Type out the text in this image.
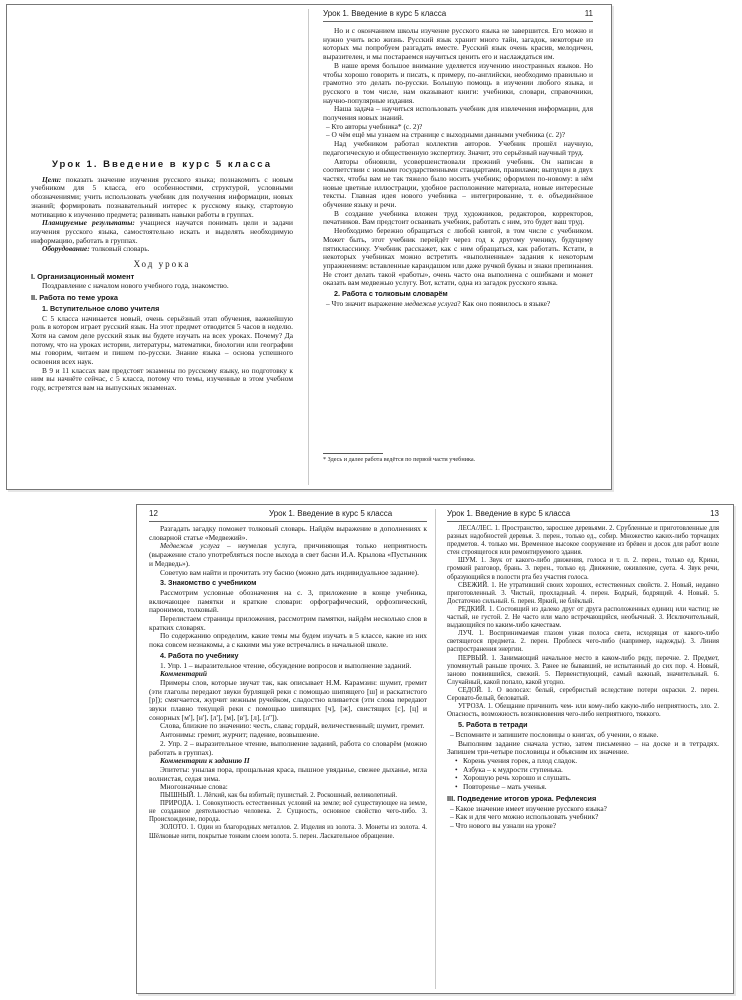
Урок 1. Введение в курс 5 класса

Цели: показать значение изучения русского языка; познакомить с новым учебником для 5 класса, его особенностями, структурой, условными обозначениями; учить использовать учебник для получения информации, новых знаний; формировать познавательный интерес к русскому языку, стартовую мотивацию к изучению предмета; развивать навыки работы в группах.

Планируемые результаты: учащиеся научатся понимать цели и задачи изучения русского языка, самостоятельно искать и выделять необходимую информацию, работать в группах.

Оборудование: толковый словарь.

Ход урока
I. Организационный момент

Поздравление с началом нового учебного года, знакомство.

II. Работа по теме урока
1. Вступительное слово учителя

С 5 класса начинается новый, очень серьёзный этап обучения, важнейшую роль в котором играет русский язык. На этот предмет отводится 5 часов в неделю. Хотя на самом деле русский язык вы будете изучать на всех уроках. Почему? Да потому, что на уроках истории, литературы, математики, биологии или географии мы говорим, читаем и пишем по-русски. Знание языка – основа успешного освоения всех наук.

В 9 и 11 классах вам предстоят экзамены по русскому языку, но подготовку к ним вы начнёте сейчас, с 5 класса, потому что темы, изученные в этом учебном году, встретятся вам на выпускных экзаменах.

Урок 1. Введение в курс 5 класса	11

Но и с окончанием школы изучение русского языка не завершится. Его можно и нужно учить всю жизнь. Русский язык хранит много тайн, загадок, некоторые из которых мы попробуем разгадать вместе. Русский язык очень красив, мелодичен, выразителен, и мы постараемся научиться ценить его и наслаждаться им.

В наше время большое внимание уделяется изучению иностранных языков. Но чтобы хорошо говорить и писать, к примеру, по-английски, необходимо правильно и грамотно это делать по-русски. Большую помощь в изучении любого языка, и русского в том числе, нам оказывают книги: учебники, словари, справочники, научно-популярные издания.

Наша задача – научиться использовать учебник для извлечения информации, для получения новых знаний.

– Кто авторы учебника* (с. 2)?

– О чём ещё мы узнаем на странице с выходными данными учебника (с. 2)?

Над учебником работал коллектив авторов. Учебник прошёл научную, педагогическую и общественную экспертизу. Значит, это серьёзный научный труд.

Авторы обновили, усовершенствовали прежний учебник. Он написан в соответствии с новыми государственными стандартами, правилами; выпущен в двух частях, чтобы вам не так тяжело было носить учебник; оформлен по-новому: в нём новые цветные иллюстрации, удобное расположение материала, новые интересные тексты. Главная идея нового учебника – интегрирование, т. е. объединённое обучение языку и речи.

В создание учебника вложен труд художников, редакторов, корректоров, печатников. Вам предстоит осваивать учебник, работать с ним, это будет ваш труд.

Необходимо бережно обращаться с любой книгой, в том числе с учебником. Может быть, этот учебник перейдёт через год к другому ученику, будущему пятикласснику. Учебник расскажет, как с ним обращаться, как работать. Кстати, в некоторых учебниках можно встретить «выполненные» задания к некоторым упражнениям: вставленные карандашом или даже ручкой буквы и знаки препинания. Не стоит делать такой «работы», очень часто она выполнена с ошибками и может оказать вам медвежью услугу. Вот, кстати, одна из загадок русского языка.

2. Работа с толковым словарём

– Что значит выражение медвежья услуга? Как оно появилось в языке?

* Здесь и далее работа ведётся по первой части учебника.
12	Урок 1. Введение в курс 5 класса

Разгадать загадку поможет толковый словарь. Найдём выражение в дополнениях к словарной статье «Медвежий».

Медвежья услуга – неумелая услуга, причиняющая только неприятность (выражение стало употребляться после выхода в свет басни И.А. Крылова «Пустынник и Медведь»).

Советую вам найти и прочитать эту басню (можно дать индивидуальное задание).

3. Знакомство с учебником

Рассмотрим условные обозначения на с. 3, приложение в конце учебника, включающее памятки и краткие словари: орфографический, орфоэпический, паронимов, толковый.

Перелистаем страницы приложения, рассмотрим памятки, найдём несколько слов в кратких словарях.

По содержанию определим, какие темы мы будем изучать в 5 классе, какие из них пока совсем незнакомы, а с какими мы уже встречались в начальной школе.

4. Работа по учебнику

1. Упр. 1 – выразительное чтение, обсуждение вопросов и выполнение заданий.

Комментарий

Примеры слов, которые звучат так, как описывает Н.М. Карамзин: шумит, гремит (эти глаголы передают звуки бурлящей реки с помощью шипящего [ш] и раскатистого [р]); смягчается, журчит нежным ручейком, сладостно вливается (эти слова передают звуки плавно текущей реки с помощью шипящих [ч], [ж], свистящих [с], [ц] и сонорных [м'], [н'], [л'], [м], [в'], [л], [л'']).

Слова, близкие по значению: честь, слава; гордый, величественный; шумит, гремит.

Антонимы: гремит, журчит; падение, возвышение.

2. Упр. 2 – выразительное чтение, выполнение заданий, работа со словарём (можно работать в группах).

Комментарии к заданию II

Эпитеты: унылая пора, прощальная краса, пышное увяданье, свежее дыханье, мгла волнистая, седая зима.

Многозначные слова:

ПЫШНЫЙ. 1. Лёгкий, как бы взбитый; пушистый. 2. Роскошный, великолепный.

ПРИРОДА. 1. Совокупность естественных условий на земле; всё существующее на земле, не созданное деятельностью человека. 2. Сущность, основное свойство чего-либо. 3. Происхождение, порода.

ЗОЛОТО. 1. Один из благородных металлов. 2. Изделия из золота. 3. Монеты из золота. 4. Шёлковые нити, покрытые тонким слоем золота. 5. перен. Ласкательное обращение.

Урок 1. Введение в курс 5 класса	13

ЛЕСА/ЛЕС. 1. Пространство, заросшее деревьями. 2. Срубленные и приготовленные для разных надобностей деревья. 3. перен., только ед., собир. Множество каких-либо торчащих предметов. 4. только мн. Временное высокое сооружение из брёвен и досок для работ возле стен строящегося или ремонтируемого здания.

ШУМ. 1. Звук от какого-либо движения, голоса и т. п. 2. перен., только ед. Крики, громкий разговор, брань. 3. перен., только ед. Движение, оживление, суета. 4. Звук речи, образующийся в полости рта без участия голоса.

СВЕЖИЙ. 1. Не утративший своих хороших, естественных свойств. 2. Новый, недавно приготовленный. 3. Чистый, прохладный. 4. перен. Бодрый, бодрящий. 4. Новый. 5. Достаточно сильный. 6. перен. Яркий, не блёклый.

РЕДКИЙ. 1. Состоящий из далеко друг от друга расположенных единиц или частиц; не частый, не густой. 2. Не часто или мало встречающийся, необычный. 3. Исключительный, выдающийся по каким-либо качествам.

ЛУЧ. 1. Воспринимаемая глазом узкая полоса света, исходящая от какого-либо светящегося предмета. 2. перен. Проблеск чего-либо (например, надежды). 3. Линия распространения энергии.

ПЕРВЫЙ. 1. Занимающий начальное место в каком-либо ряду, перечне. 2. Предмет, упомянутый раньше прочих. 3. Ранее не бывавший, не испытанный до сих пор. 4. Новый, заново появившийся, свежий. 5. Первенствующий, самый важный, значительный. 6. Случайный, какой попало, какой угодно.

СЕДОЙ. 1. О волосах: белый, серебристый вследствие потери окраски. 2. перен. Серовато-белый, беловатый.

УГРОЗА. 1. Обещание причинить чем- или кому-либо какую-либо неприятность, зло. 2. Опасность, возможность возникновения чего-либо неприятного, тяжкого.

5. Работа в тетради

– Вспомните и запишите пословицы о книгах, об учении, о языке.

Выполним задание сначала устно, затем письменно – на доске и в тетрадях. Запишем три-четыре пословицы и объясним их значение.

• Корень учения горек, а плод сладок.

• Азбука – к мудрости ступенька.

• Хорошую речь хорошо и слушать.

• Повторенье – мать ученья.

III. Подведение итогов урока. Рефлексия

– Какое значение имеет изучение русского языка?

– Как и для чего можно использовать учебник?

– Что нового вы узнали на уроке?
